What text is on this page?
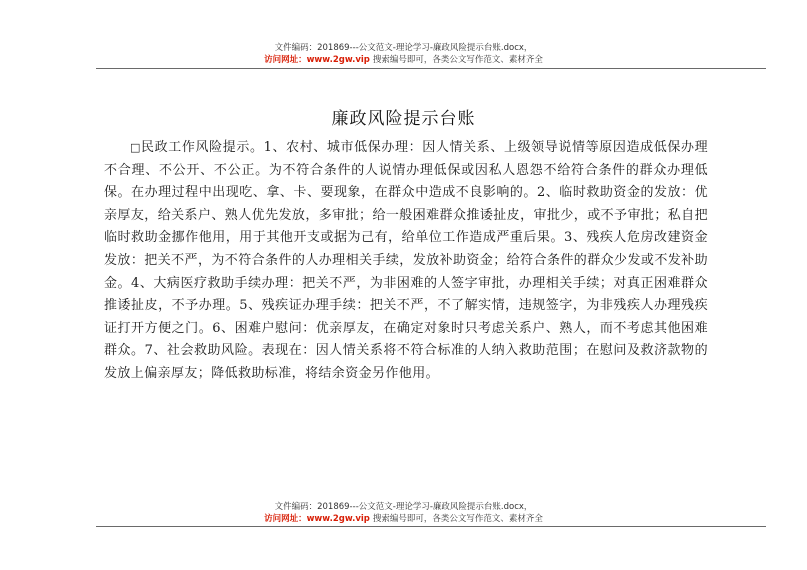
文件编码：201869---公文范文-理论学习-廉政风险提示台账.docx，
访问网址：www.2gw.vip 搜索编号即可，各类公文写作范文、素材齐全
廉政风险提示台账

□民政工作风险提示。1、农村、城市低保办理：因人情关系、上级领导说情等原因造成低保办理不合理、不公开、不公正。为不符合条件的人说情办理低保或因私人恩怨不给符合条件的群众办理低保。在办理过程中出现吃、拿、卡、要现象，在群众中造成不良影响的。2、临时救助资金的发放：优亲厚友，给关系户、熟人优先发放，多审批；给一般困难群众推诿扯皮，审批少，或不予审批；私自把临时救助金挪作他用，用于其他开支或据为己有，给单位工作造成严重后果。3、残疾人危房改建资金发放：把关不严，为不符合条件的人办理相关手续，发放补助资金；给符合条件的群众少发或不发补助金。4、大病医疗救助手续办理：把关不严，为非困难的人签字审批，办理相关手续；对真正困难群众推诿扯皮，不予办理。5、残疾证办理手续：把关不严，不了解实情，违规签字，为非残疾人办理残疾证打开方便之门。6、困难户慰问：优亲厚友，在确定对象时只考虑关系户、熟人，而不考虑其他困难群众。7、社会救助风险。表现在：因人情关系将不符合标准的人纳入救助范围；在慰问及救济款物的发放上偏亲厚友；降低救助标准，将结余资金另作他用。

文件编码：201869---公文范文-理论学习-廉政风险提示台账.docx，
访问网址：www.2gw.vip 搜索编号即可，各类公文写作范文、素材齐全
